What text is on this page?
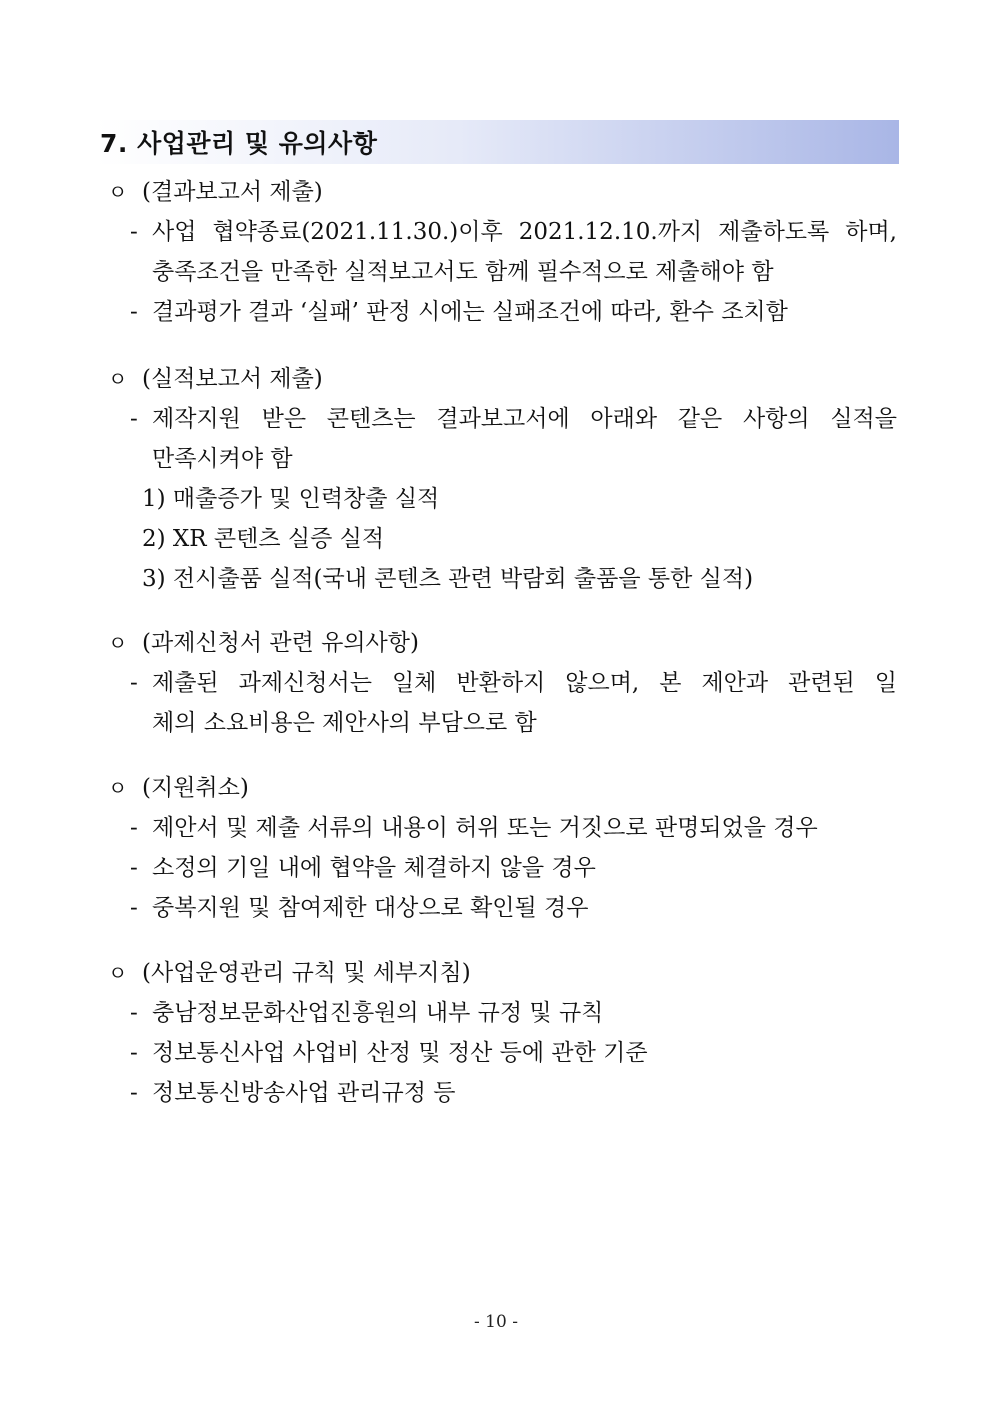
7. 사업관리 및 유의사항
ㅇ (결과보고서 제출)
- 사업 협약종료(2021.11.30.)이후 2021.12.10.까지 제출하도록 하며,
충족조건을 만족한 실적보고서도 함께 필수적으로 제출해야 함
- 결과평가 결과 ‘실패’ 판정 시에는 실패조건에 따라, 환수 조치함
ㅇ (실적보고서 제출)
- 제작지원 받은 콘텐츠는 결과보고서에 아래와 같은 사항의 실적을
만족시켜야 함
1) 매출증가 및 인력창출 실적
2) XR 콘텐츠 실증 실적
3) 전시출품 실적(국내 콘텐츠 관련 박람회 출품을 통한 실적)
ㅇ (과제신청서 관련 유의사항)
- 제출된 과제신청서는 일체 반환하지 않으며, 본 제안과 관련된 일
체의 소요비용은 제안사의 부담으로 함
ㅇ (지원취소)
- 제안서 및 제출 서류의 내용이 허위 또는 거짓으로 판명되었을 경우
- 소정의 기일 내에 협약을 체결하지 않을 경우
- 중복지원 및 참여제한 대상으로 확인될 경우
ㅇ (사업운영관리 규칙 및 세부지침)
- 충남정보문화산업진흥원의 내부 규정 및 규칙
- 정보통신사업 사업비 산정 및 정산 등에 관한 기준
- 정보통신방송사업 관리규정 등
- 10 -
